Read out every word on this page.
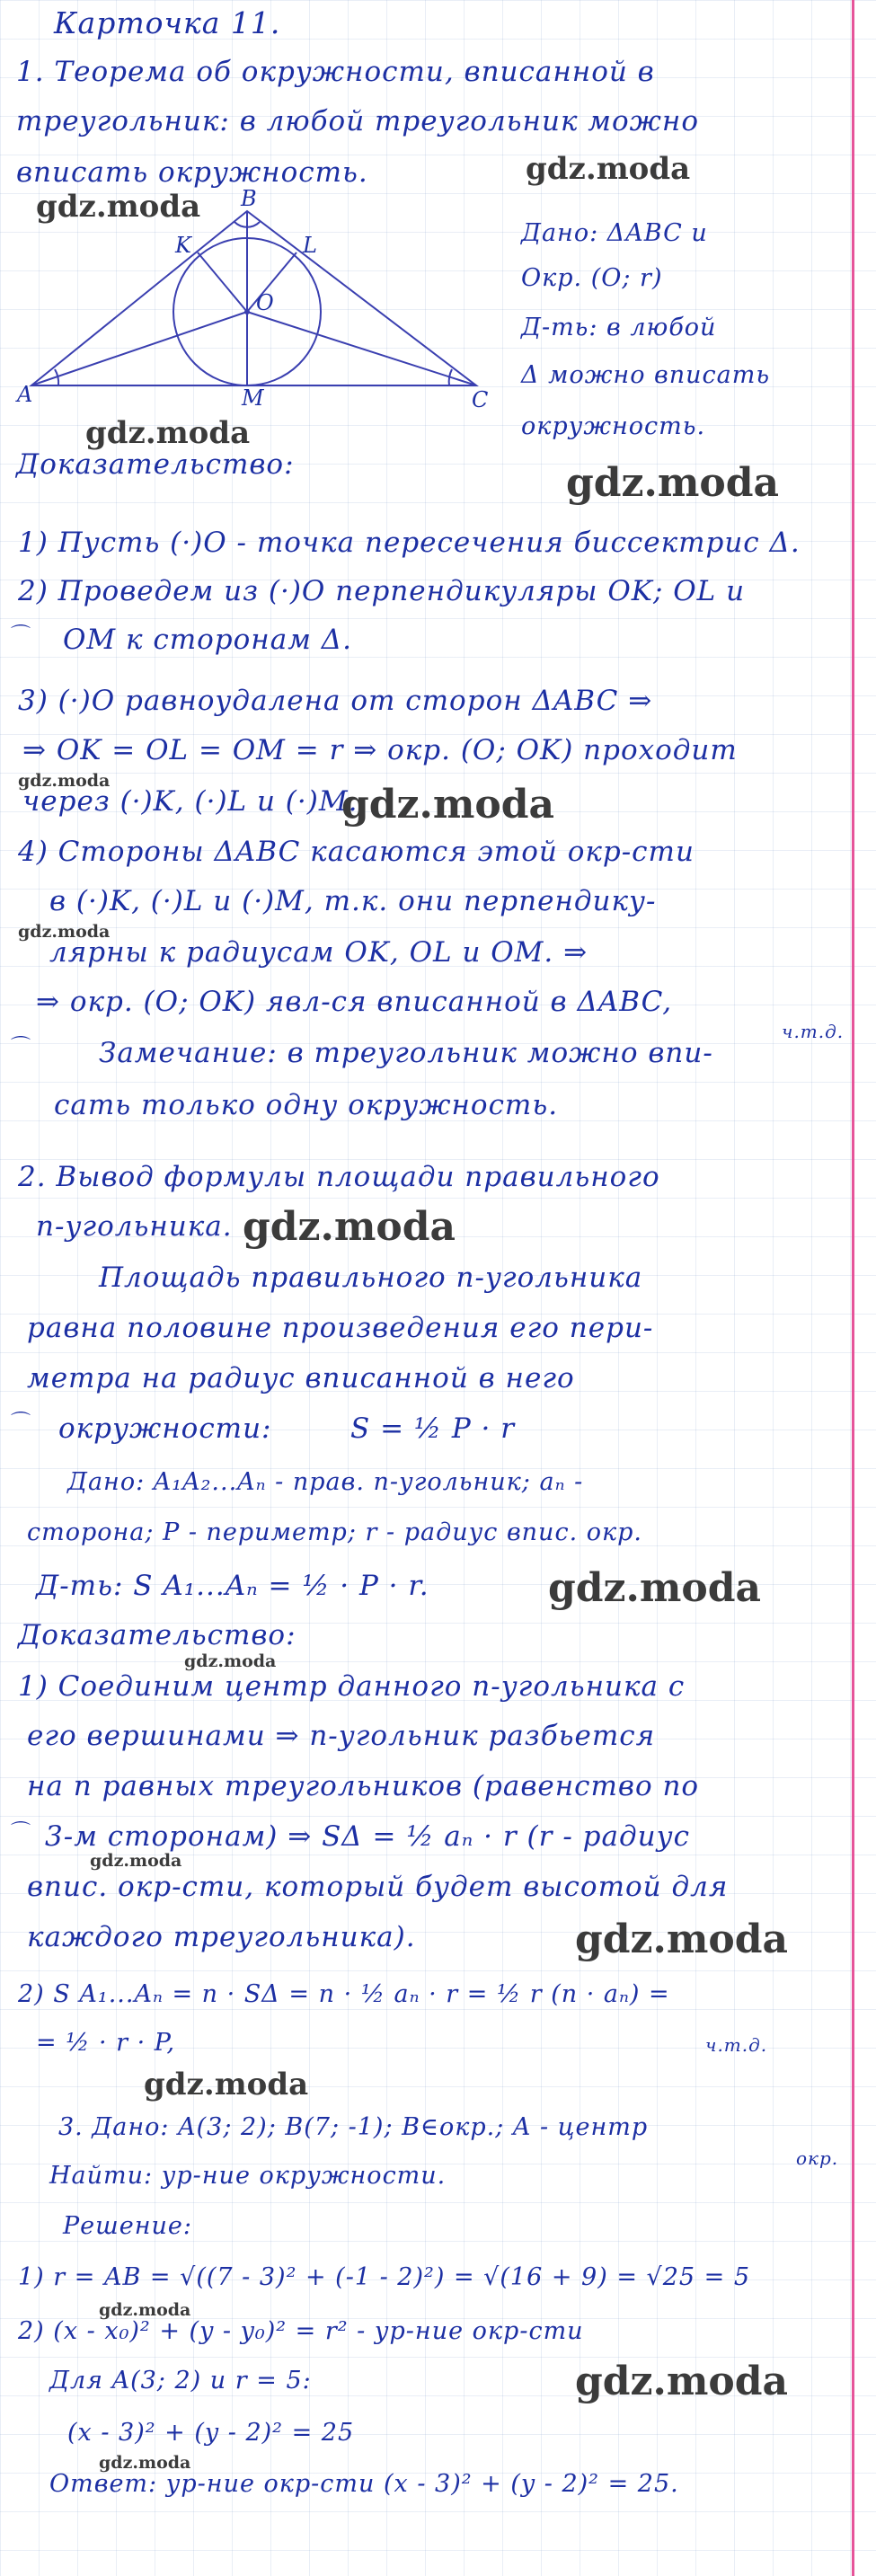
Карточка 11.
1. Теорема об окружности, вписанной в
треугольник: в любой треугольник можно
вписать окружность.
A
B
C
K	L
M
O
Дано: ΔABC и
Окр. (O; r)
Д-ть: в любой
Δ можно вписать
окружность.
gdz.moda
gdz.moda
gdz.moda
gdz.moda
Доказательство:
1) Пусть (·)O - точка пересечения биссектрис Δ.
2) Проведем из (·)O перпендикуляры OK; OL и
⌒ OM к сторонам Δ.
3) (·)O равноудалена от сторон ΔABC ⇒
⇒ OK = OL = OM = r ⇒ окр. (O; OK) проходит
gdz.moda
через (·)K, (·)L и (·)M.
gdz.moda
4) Стороны ΔABC касаются этой окр-сти
в (·)K, (·)L и (·)M, т.к. они перпендику-
gdz.moda
лярны к радиусам OK, OL и OM. ⇒
⇒ окр. (O; OK) явл-ся вписанной в ΔABC,
ч.т.д.
⌒ Замечание: в треугольник можно впи-
сать только одну окружность.
2. Вывод формулы площади правильного
n-угольника. gdz.moda
Площадь правильного n-угольника
равна половине произведения его пери-
метра на радиус вписанной в него
⌒ окружности:	S = ½ P · r
Дано: A₁A₂...Aₙ - прав. n-угольник; aₙ -
сторона; P - периметр; r - радиус впис. окр.
Д-ть: S A₁...Aₙ = ½ · P · r.	gdz.moda
Доказательство:
gdz.moda
1) Соединим центр данного n-угольника с
его вершинами ⇒ n-угольник разбьется
на n равных треугольников (равенство по
⌒ 3-м сторонам) ⇒ SΔ = ½ aₙ · r (r - радиус
gdz.moda
впис. окр-сти, который будет высотой для
каждого треугольника).	gdz.moda
2) S A₁...Aₙ = n · SΔ = n · ½ aₙ · r = ½ r (n · aₙ) =
= ½ · r · P,	ч.т.д.
gdz.moda
3. Дано: A(3; 2); B(7; -1); B∈окр.; A - центр
окр.
Найти: ур-ние окружности.
Решение:
1) r = AB = √((7 - 3)² + (-1 - 2)²) = √(16 + 9) = √25 = 5
gdz.moda
2) (x - x₀)² + (y - y₀)² = r² - ур-ние окр-сти
Для A(3; 2) и r = 5:	gdz.moda
(x - 3)² + (y - 2)² = 25
gdz.moda
Ответ: ур-ние окр-сти (x - 3)² + (y - 2)² = 25.
